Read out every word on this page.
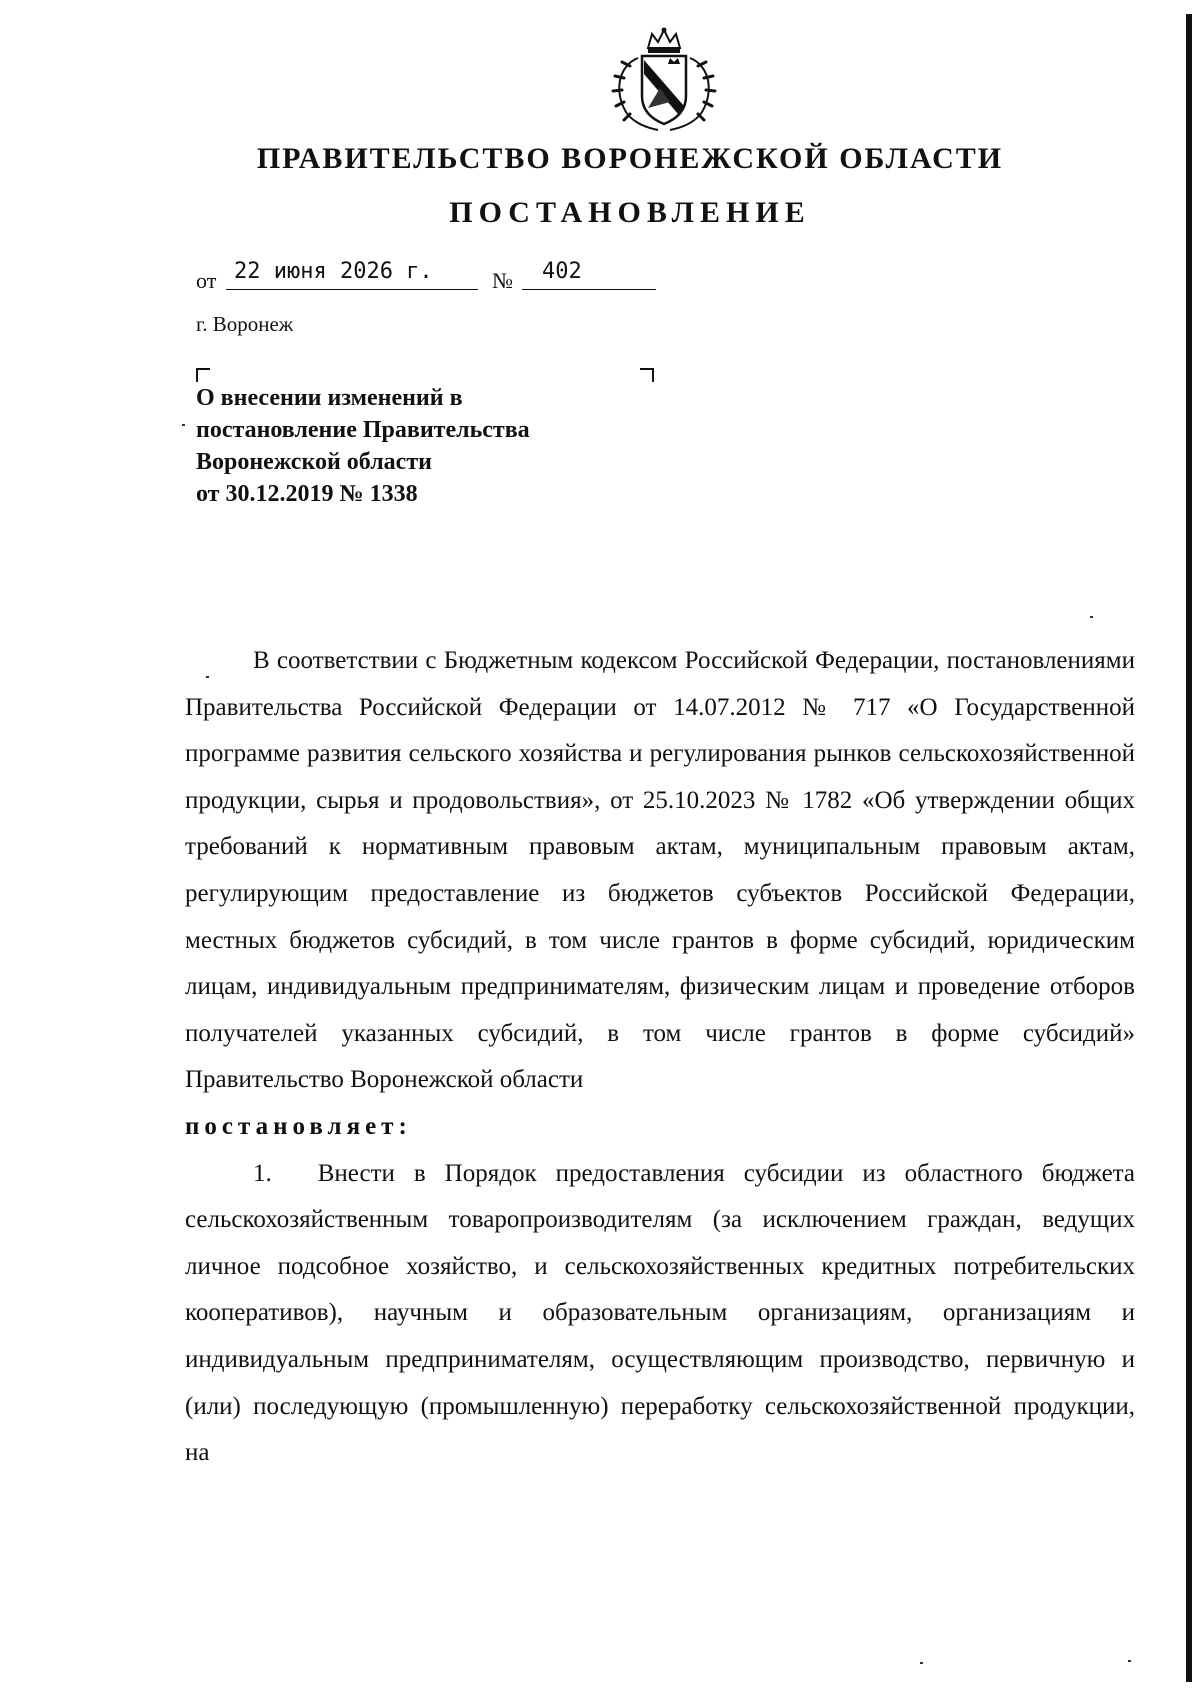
ПРАВИТЕЛЬСТВО ВОРОНЕЖСКОЙ ОБЛАСТИ
ПОСТАНОВЛЕНИЕ
от 22 июня 2026 г.	№ 402
г. Воронеж
О внесении изменений в
постановление Правительства
Воронежской области
от 30.12.2019 № 1338

В соответствии с Бюджетным кодексом Российской Федерации, постановлениями Правительства Российской Федерации от 14.07.2012 № 717 «О Государственной программе развития сельского хозяйства и регулирования рынков сельскохозяйственной продукции, сырья и продовольствия», от 25.10.2023 № 1782 «Об утверждении общих требований к нормативным правовым актам, муниципальным правовым актам, регулирующим предоставление из бюджетов субъектов Российской Федерации, местных бюджетов субсидий, в том числе грантов в форме субсидий, юридическим лицам, индивидуальным предпринимателям, физическим лицам и проведение отборов получателей указанных субсидий, в том числе грантов в форме субсидий» Правительство Воронежской области

постановляет:

1. Внести в Порядок предоставления субсидии из областного бюджета сельскохозяйственным товаропроизводителям (за исключением граждан, ведущих личное подсобное хозяйство, и сельскохозяйственных кредитных потребительских кооперативов), научным и образовательным организациям, организациям и индивидуальным предпринимателям, осуществляющим производство, первичную и (или) последующую (промышленную) переработку сельскохозяйственной продукции, на
